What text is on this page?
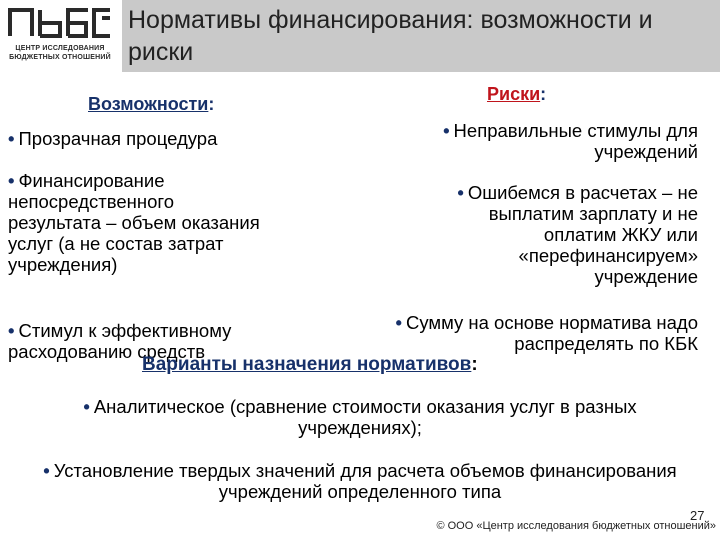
ЦЕНТР ИССЛЕДОВАНИЯ
БЮДЖЕТНЫХ ОТНОШЕНИЙ
Нормативы финансирования: возможности и риски
Возможности:
• Прозрачная процедура
• Финансирование непосредственного результата – объем оказания услуг (а не состав затрат учреждения)
• Стимул к эффективному расходованию средств
Риски:
• Неправильные стимулы для учреждений
• Ошибемся в расчетах – не выплатим зарплату и не оплатим ЖКУ или «перефинансируем» учреждение
• Сумму на основе норматива надо распределять по КБК
Варианты назначения нормативов:
• Аналитическое (сравнение стоимости оказания услуг в разных учреждениях);
• Установление твердых значений для расчета объемов финансирования учреждений определенного типа
27
© ООО «Центр исследования бюджетных отношений»
